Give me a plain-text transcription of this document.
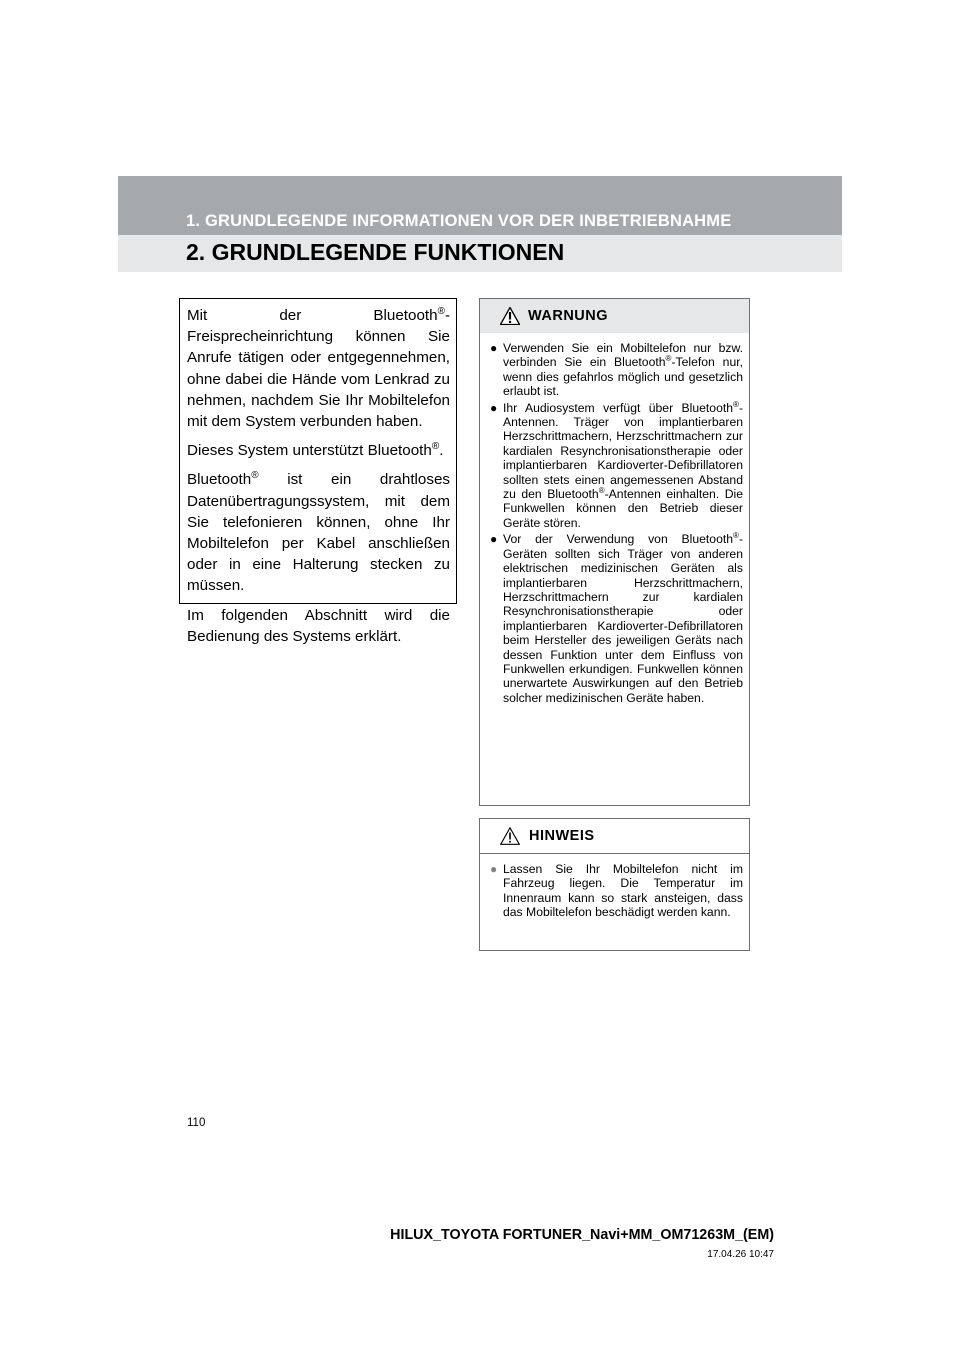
1. GRUNDLEGENDE INFORMATIONEN VOR DER INBETRIEBNAHME
2. GRUNDLEGENDE FUNKTIONEN

Mit der Bluetooth®-Freisprecheinrichtung können Sie Anrufe tätigen oder entgegennehmen, ohne dabei die Hände vom Lenkrad zu nehmen, nachdem Sie Ihr Mobiltelefon mit dem System verbunden haben.

Dieses System unterstützt Bluetooth®.

Bluetooth® ist ein drahtloses Datenübertragungssystem, mit dem Sie telefonieren können, ohne Ihr Mobiltelefon per Kabel anschließen oder in eine Halterung stecken zu müssen.

Im folgenden Abschnitt wird die Bedienung des Systems erklärt.

WARNUNG
● Verwenden Sie ein Mobiltelefon nur bzw. verbinden Sie ein Bluetooth®-Telefon nur, wenn dies gefahrlos möglich und gesetzlich erlaubt ist.
● Ihr Audiosystem verfügt über Bluetooth®-Antennen. Träger von implantierbaren Herzschrittmachern, Herzschrittmachern zur kardialen Resynchronisationstherapie oder implantierbaren Kardioverter-Defibrillatoren sollten stets einen angemessenen Abstand zu den Bluetooth®-Antennen einhalten. Die Funkwellen können den Betrieb dieser Geräte stören.
● Vor der Verwendung von Bluetooth®-Geräten sollten sich Träger von anderen elektrischen medizinischen Geräten als implantierbaren Herzschrittmachern, Herzschrittmachern zur kardialen Resynchronisationstherapie oder implantierbaren Kardioverter-Defibrillatoren beim Hersteller des jeweiligen Geräts nach dessen Funktion unter dem Einfluss von Funkwellen erkundigen. Funkwellen können unerwartete Auswirkungen auf den Betrieb solcher medizinischen Geräte haben.
HINWEIS
● Lassen Sie Ihr Mobiltelefon nicht im Fahrzeug liegen. Die Temperatur im Innenraum kann so stark ansteigen, dass das Mobiltelefon beschädigt werden kann.
110
HILUX_TOYOTA FORTUNER_Navi+MM_OM71263M_(EM)
17.04.26 10:47
